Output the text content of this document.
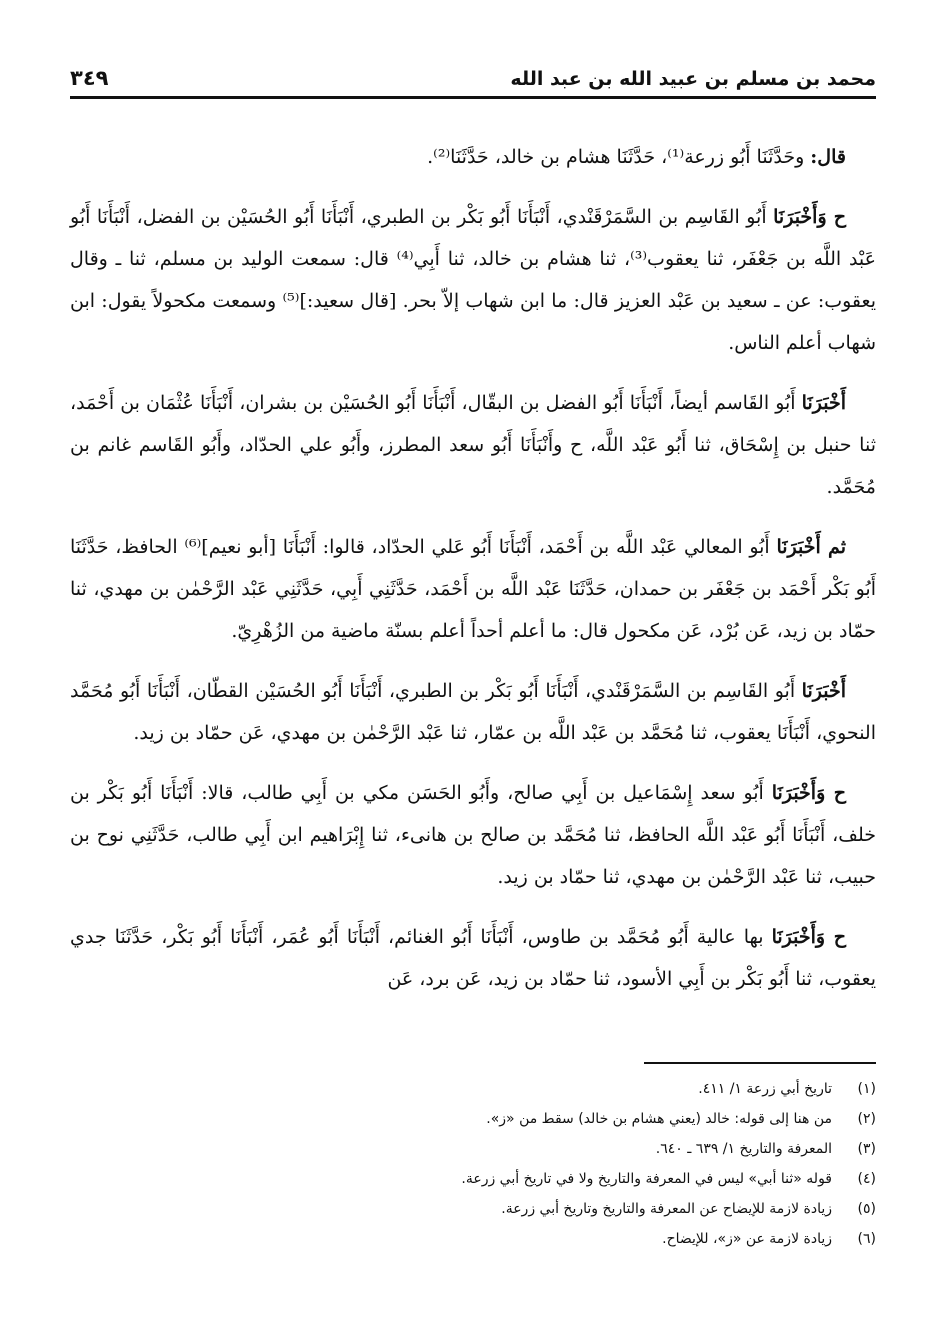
محمد بن مسلم بن عبيد الله بن عبد الله
٣٤٩

قال: وحَدَّثَنَا أَبُو زرعة⁽¹⁾، حَدَّثَنَا هشام بن خالد، حَدَّثَنَا⁽²⁾.

ح وَأَخْبَرَنَا أَبُو القَاسِم بن السَّمَرْقَنْدي، أَنْبَأَنَا أَبُو بَكْر بن الطبري، أَنْبَأَنَا أَبُو الحُسَيْن بن الفضل، أَنْبَأَنَا أَبُو عَبْد اللَّه بن جَعْفَر، ثنا يعقوب⁽³⁾، ثنا هشام بن خالد، ثنا أَبِي⁽⁴⁾ قال: سمعت الوليد بن مسلم، ثنا ـ وقال يعقوب: عن ـ سعيد بن عَبْد العزيز قال: ما ابن شهاب إلاّ بحر. [قال سعيد:]⁽⁵⁾ وسمعت مكحولاً يقول: ابن شهاب أعلم الناس.

أَخْبَرَنَا أَبُو القَاسم أيضاً، أَنْبَأَنَا أَبُو الفضل بن البقّال، أَنْبَأَنَا أَبُو الحُسَيْن بن بشران، أَنْبَأَنَا عُثْمَان بن أَحْمَد، ثنا حنبل بن إِسْحَاق، ثنا أَبُو عَبْد اللَّه، ح وأَنْبَأَنَا أَبُو سعد المطرز، وأَبُو علي الحدّاد، وأَبُو القَاسم غانم بن مُحَمَّد.

ثم أَخْبَرَنَا أَبُو المعالي عَبْد اللَّه بن أَحْمَد، أَنْبَأَنَا أَبُو عَلي الحدّاد، قالوا: أَنْبَأَنَا [أبو نعيم]⁽⁶⁾ الحافظ، حَدَّثَنَا أَبُو بَكْر أَحْمَد بن جَعْفَر بن حمدان، حَدَّثَنَا عَبْد اللَّه بن أَحْمَد، حَدَّثَنِي أَبِي، حَدَّثَنِي عَبْد الرَّحْمٰن بن مهدي، ثنا حمّاد بن زيد، عَن بُرْد، عَن مكحول قال: ما أعلم أحداً أعلم بسنّة ماضية من الزُهْرِيّ.

أَخْبَرَنَا أَبُو القَاسِم بن السَّمَرْقَنْدي، أَنْبَأَنَا أَبُو بَكْر بن الطبري، أَنْبَأَنَا أَبُو الحُسَيْن القطّان، أَنْبَأَنَا أَبُو مُحَمَّد النحوي، أَنْبَأَنَا يعقوب، ثنا مُحَمَّد بن عَبْد اللَّه بن عمّار، ثنا عَبْد الرَّحْمٰن بن مهدي، عَن حمّاد بن زيد.

ح وَأَخْبَرَنَا أَبُو سعد إِسْمَاعيل بن أَبِي صالح، وأَبُو الحَسَن مكي بن أَبِي طالب، قالا: أَنْبَأَنَا أَبُو بَكْر بن خلف، أَنْبَأَنَا أَبُو عَبْد اللَّه الحافظ، ثنا مُحَمَّد بن صالح بن هانىء، ثنا إِبْرَاهيم ابن أَبِي طالب، حَدَّثَنِي نوح بن حبيب، ثنا عَبْد الرَّحْمٰن بن مهدي، ثنا حمّاد بن زيد.

ح وَأَخْبَرَنَا بها عالية أَبُو مُحَمَّد بن طاوس، أَنْبَأَنَا أَبُو الغنائم، أَنْبَأَنَا أَبُو عُمَر، أَنْبَأَنَا أَبُو بَكْر، حَدَّثَنَا جدي يعقوب، ثنا أَبُو بَكْر بن أَبِي الأسود، ثنا حمّاد بن زيد، عَن برد، عَن

(١)
تاريخ أبي زرعة ١/ ٤١١.
(٢)
من هنا إلى قوله: خالد (يعني هشام بن خالد) سقط من «ز».
(٣)
المعرفة والتاريخ ١/ ٦٣٩ ـ ٦٤٠.
(٤)
قوله «ثنا أبي» ليس في المعرفة والتاريخ ولا في تاريخ أبي زرعة.
(٥)
زيادة لازمة للإيضاح عن المعرفة والتاريخ وتاريخ أبي زرعة.
(٦)
زيادة لازمة عن «ز»، للإيضاح.
